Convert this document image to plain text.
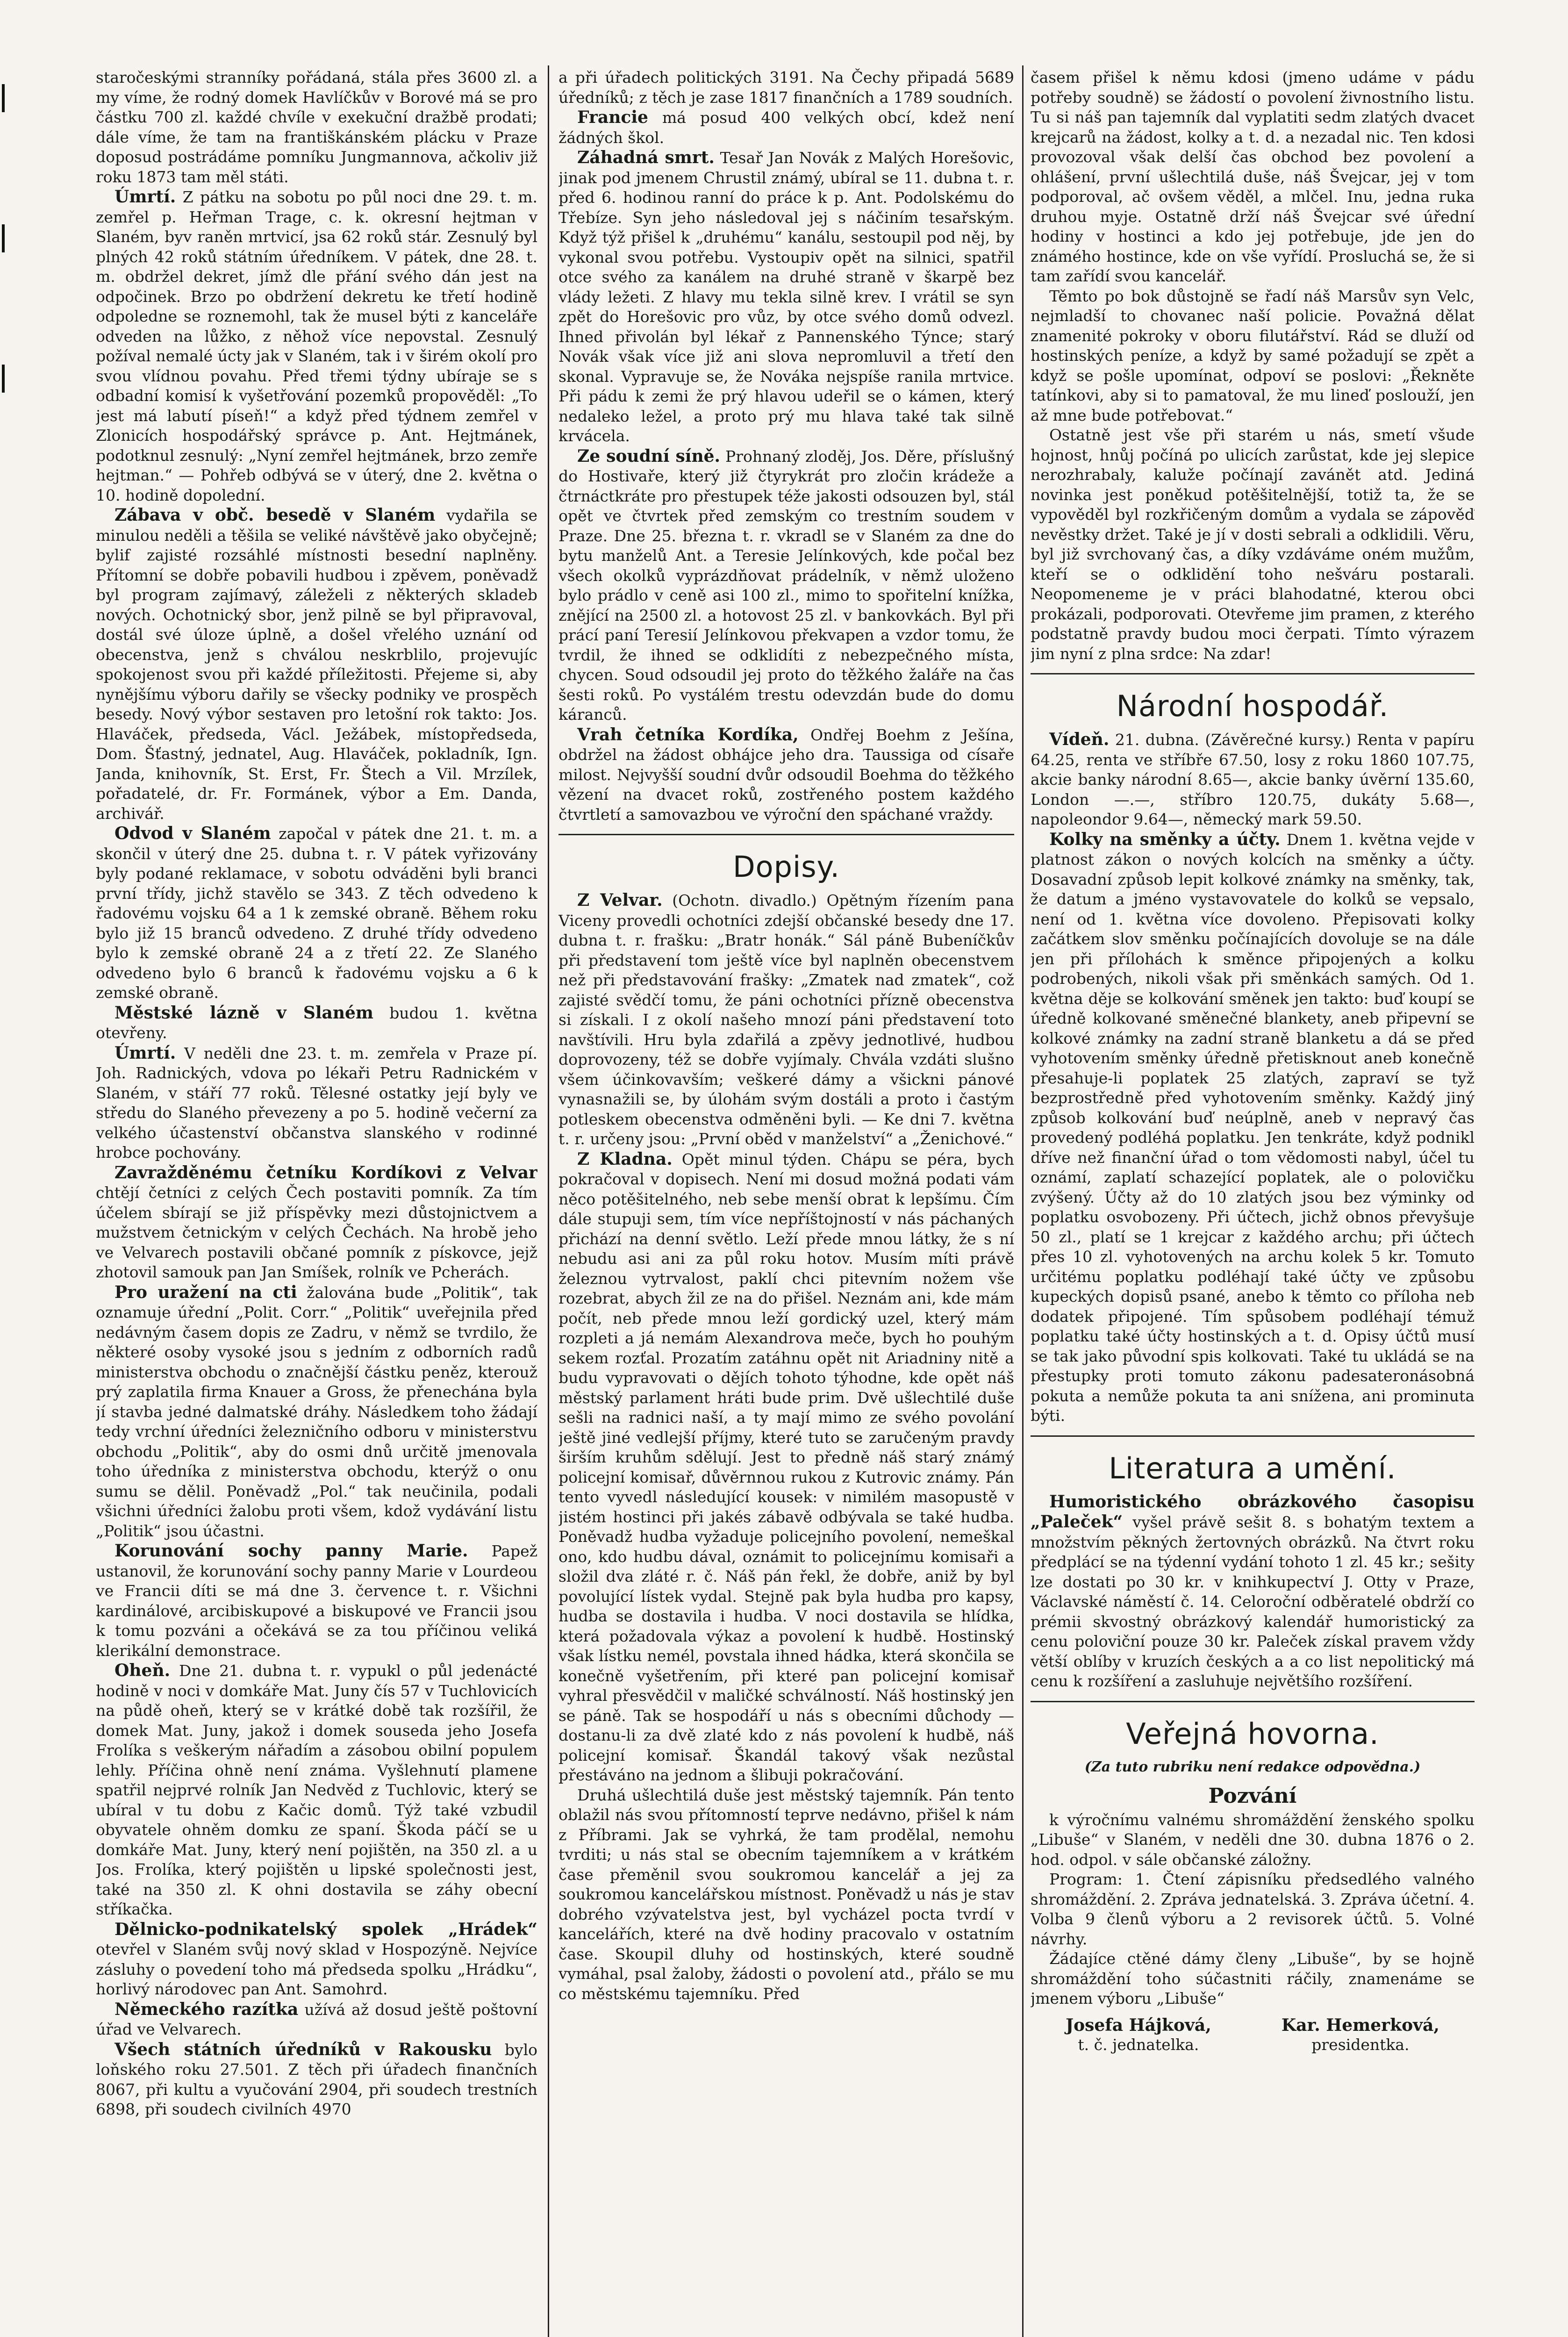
staročeskými stranníky pořádaná, stála přes 3600 zl. a my víme, že rodný domek Havlíčkův v Borové má se pro částku 700 zl. každé chvíle v exekuční dražbě prodati; dále víme, že tam na františkánském plácku v Praze doposud postrádáme pomníku Jungmannova, ačkoliv již roku 1873 tam měl státi.

Úmrtí. Z pátku na sobotu po půl noci dne 29. t. m. zemřel p. Heřman Trage, c. k. okresní hejtman v Slaném, byv raněn mrtvicí, jsa 62 roků stár. Zesnulý byl plných 42 roků státním úředníkem. V pátek, dne 28. t. m. obdržel dekret, jímž dle přání svého dán jest na odpočinek. Brzo po obdržení dekretu ke třetí hodině odpoledne se roznemohl, tak že musel býti z kanceláře odveden na lůžko, z něhož více nepovstal. Zesnulý požíval nemalé úcty jak v Slaném, tak i v širém okolí pro svou vlídnou povahu. Před třemi týdny ubíraje se s odbadní komisí k vyšetřování pozemků propověděl: „To jest má labutí píseň!“ a když před týdnem zemřel v Zlonicích hospodářský správce p. Ant. Hejtmánek, podotknul zesnulý: „Nyní zemřel hejtmánek, brzo zemře hejtman.“ — Pohřeb odbývá se v úterý, dne 2. května o 10. hodině dopolední.

Zábava v obč. besedě v Slaném vydařila se minulou neděli a těšila se veliké návštěvě jako obyčejně; bylif zajisté rozsáhlé místnosti besední naplněny. Přítomní se dobře pobavili hudbou i zpěvem, poněvadž byl program zajímavý, záleželi z některých skladeb nových. Ochotnický sbor, jenž pilně se byl připravoval, dostál své úloze úplně, a došel vřelého uznání od obecenstva, jenž s chválou neskrblilo, projevujíc spokojenost svou při každé příležitosti. Přejeme si, aby nynějšímu výboru dařily se všecky podniky ve prospěch besedy. Nový výbor sestaven pro letošní rok takto: Jos. Hlaváček, předseda, Václ. Ježábek, místopředseda, Dom. Šťastný, jednatel, Aug. Hlaváček, pokladník, Ign. Janda, knihovník, St. Erst, Fr. Štech a Vil. Mrzílek, pořadatelé, dr. Fr. Formánek, výbor a Em. Danda, archivář.

Odvod v Slaném započal v pátek dne 21. t. m. a skončil v úterý dne 25. dubna t. r. V pátek vyřizovány byly podané reklamace, v sobotu odváděni byli branci první třídy, jichž stavělo se 343. Z těch odvedeno k řadovému vojsku 64 a 1 k zemské obraně. Během roku bylo již 15 branců odvedeno. Z druhé třídy odvedeno bylo k zemské obraně 24 a z třetí 22. Ze Slaného odvedeno bylo 6 branců k řadovému vojsku a 6 k zemské obraně.

Městské lázně v Slaném budou 1. května otevřeny.

Úmrtí. V neděli dne 23. t. m. zemřela v Praze pí. Joh. Radnických, vdova po lékaři Petru Radnickém v Slaném, v stáří 77 roků. Tělesné ostatky její byly ve středu do Slaného převezeny a po 5. hodině večerní za velkého účastenství občanstva slanského v rodinné hrobce pochovány.

Zavražděnému četníku Kordíkovi z Velvar chtějí četníci z celých Čech postaviti pomník. Za tím účelem sbírají se již příspěvky mezi důstojnictvem a mužstvem četnickým v celých Čechách. Na hrobě jeho ve Velvarech postavili občané pomník z pískovce, jejž zhotovil samouk pan Jan Smíšek, rolník ve Pcherách.

Pro uražení na cti žalována bude „Politik“, tak oznamuje úřední „Polit. Corr.“ „Politik“ uveřejnila před nedávným časem dopis ze Zadru, v němž se tvrdilo, že některé osoby vysoké jsou s jedním z odborních radů ministerstva obchodu o značnější částku peněz, kterouž prý zaplatila firma Knauer a Gross, že přenechána byla jí stavba jedné dalmatské dráhy. Následkem toho žádají tedy vrchní úředníci železničního odboru v ministerstvu obchodu „Politik“, aby do osmi dnů určitě jmenovala toho úředníka z ministerstva obchodu, kterýž o onu sumu se dělil. Poněvadž „Pol.“ tak neučinila, podali všichni úředníci žalobu proti všem, kdož vydávání listu „Politik“ jsou účastni.

Korunování sochy panny Marie. Papež ustanovil, že korunování sochy panny Marie v Lourdeou ve Francii díti se má dne 3. července t. r. Všichni kardinálové, arcibiskupové a biskupové ve Francii jsou k tomu pozváni a očekává se za tou příčinou veliká klerikální demonstrace.

Oheň. Dne 21. dubna t. r. vypukl o půl jedenácté hodině v noci v domkáře Mat. Juny čís 57 v Tuchlovicích na půdě oheň, který se v krátké době tak rozšířil, že domek Mat. Juny, jakož i domek souseda jeho Josefa Frolíka s veškerým nářadím a zásobou obilní populem lehly. Příčina ohně není známa. Vyšlehnutí plamene spatřil nejprvé rolník Jan Nedvěd z Tuchlovic, který se ubíral v tu dobu z Kačic domů. Týž také vzbudil obyvatele ohněm domku ze spaní. Škoda páčí se u domkáře Mat. Juny, který není pojištěn, na 350 zl. a u Jos. Frolíka, který pojištěn u lipské společnosti jest, také na 350 zl. K ohni dostavila se záhy obecní stříkačka.

Dělnicko-podnikatelský spolek „Hrádek“ otevřel v Slaném svůj nový sklad v Hospozýně. Nejvíce zásluhy o povedení toho má předseda spolku „Hrádku“, horlivý národovec pan Ant. Samohrd.

Německého razítka užívá až dosud ještě poštovní úřad ve Velvarech.

Všech státních úředníků v Rakousku bylo loňského roku 27.501. Z těch při úřadech finančních 8067, při kultu a vyučování 2904, při soudech trestních 6898, při soudech civilních 4970

a při úřadech politických 3191. Na Čechy připadá 5689 úředníků; z těch je zase 1817 finančních a 1789 soudních.

Francie má posud 400 velkých obcí, kdež není žádných škol.

Záhadná smrt. Tesař Jan Novák z Malých Horešovic, jinak pod jmenem Chrustil známý, ubíral se 11. dubna t. r. před 6. hodinou ranní do práce k p. Ant. Podolskému do Třebíze. Syn jeho následoval jej s náčiním tesařským. Když týž přišel k „druhému“ kanálu, sestoupil pod něj, by vykonal svou potřebu. Vystoupiv opět na silnici, spatřil otce svého za kanálem na druhé straně v škarpě bez vlády ležeti. Z hlavy mu tekla silně krev. I vrátil se syn zpět do Horešovic pro vůz, by otce svého domů odvezl. Ihned přivolán byl lékař z Pannenského Týnce; starý Novák však více již ani slova nepromluvil a třetí den skonal. Vypravuje se, že Nováka nejspíše ranila mrtvice. Při pádu k zemi že prý hlavou udeřil se o kámen, který nedaleko ležel, a proto prý mu hlava také tak silně krvácela.

Ze soudní síně. Prohnaný zloděj, Jos. Děre, příslušný do Hostivaře, který již čtyrykrát pro zločin krádeže a čtrnáctkráte pro přestupek téže jakosti odsouzen byl, stál opět ve čtvrtek před zemským co trestním soudem v Praze. Dne 25. března t. r. vkradl se v Slaném za dne do bytu manželů Ant. a Teresie Jelínkových, kde počal bez všech okolků vyprázdňovat prádelník, v němž uloženo bylo prádlo v ceně asi 100 zl., mimo to spořitelní knížka, znějící na 2500 zl. a hotovost 25 zl. v bankovkách. Byl při prácí paní Teresií Jelínkovou překvapen a vzdor tomu, že tvrdil, že ihned se odklidíti z nebezpečného místa, chycen. Soud odsoudil jej proto do těžkého žaláře na čas šesti roků. Po vystálém trestu odevzdán bude do domu káranců.

Vrah četníka Kordíka, Ondřej Boehm z Ješína, obdržel na žádost obhájce jeho dra. Taussiga od císaře milost. Nejvyšší soudní dvůr odsoudil Boehma do těžkého vězení na dvacet roků, zostřeného postem každého čtvrtletí a samovazbou ve výroční den spáchané vraždy.

Dopisy.

Z Velvar. (Ochotn. divadlo.) Opětným řízením pana Viceny provedli ochotníci zdejší občanské besedy dne 17. dubna t. r. frašku: „Bratr honák.“ Sál páně Bubeníčkův při představení tom ještě více byl naplněn obecenstvem než při představování frašky: „Zmatek nad zmatek“, což zajisté svědčí tomu, že páni ochotníci přízně obecenstva si získali. I z okolí našeho mnozí páni představení toto navštívili. Hru byla zdařilá a zpěvy jednotlivé, hudbou doprovozeny, též se dobře vyjímaly. Chvála vzdáti slušno všem účinkovavším; veškeré dámy a všickni pánové vynasnažili se, by úlohám svým dostáli a proto i častým potleskem obecenstva odměněni byli. — Ke dni 7. května t. r. určeny jsou: „První oběd v manželství“ a „Ženichové.“

Z Kladna. Opět minul týden. Chápu se péra, bych pokračoval v dopisech. Není mi dosud možná podati vám něco potěšitelného, neb sebe menší obrat k lepšímu. Čím dále stupuji sem, tím více nepříštojností v nás páchaných přichází na denní světlo. Leží přede mnou látky, že s ní nebudu asi ani za půl roku hotov. Musím míti právě železnou vytrvalost, paklí chci pitevním nožem vše rozebrat, abych žil ze na do přišel. Neznám ani, kde mám počít, neb přede mnou leží gordický uzel, který mám rozpleti a já nemám Alexandrova meče, bych ho pouhým sekem rozťal. Prozatím zatáhnu opět nit Ariadniny nitě a budu vypravovati o dějích tohoto týhodne, kde opět náš městský parlament hráti bude prim. Dvě ušlechtilé duše sešli na radnici naší, a ty mají mimo ze svého povolání ještě jiné vedlejší příjmy, které tuto se zaručeným pravdy širším kruhům sdělují. Jest to předně náš starý známý policejní komisař, důvěrnnou rukou z Kutrovic známy. Pán tento vyvedl následující kousek: v nimilém masopustě v jistém hostinci při jakés zábavě odbývala se také hudba. Poněvadž hudba vyžaduje policejního povolení, nemeškal ono, kdo hudbu dával, oznámit to policejnímu komisaři a složil dva zláté r. č. Náš pán řekl, že dobře, aniž by byl povolující lístek vydal. Stejně pak byla hudba pro kapsy, hudba se dostavila i hudba. V noci dostavila se hlídka, která požadovala výkaz a povolení k hudbě. Hostinský však lístku nemél, povstala ihned hádka, která skončila se konečně vyšetřením, při které pan policejní komisař vyhral přesvědčil v maličké schválností. Náš hostinský jen se páně. Tak se hospodáří u nás s obecními důchody — dostanu-li za dvě zlaté kdo z nás povolení k hudbě, náš policejní komisař. Škandál takový však nezůstal přestáváno na jednom a šlibuji pokračování.

Druhá ušlechtilá duše jest městský tajemník. Pán tento oblažil nás svou přítomností teprve nedávno, přišel k nám z Příbrami. Jak se vyhrká, že tam prodělal, nemohu tvrditi; u nás stal se obecním tajemníkem a v krátkém čase přeměnil svou soukromou kancelář a jej za soukromou kancelářskou místnost. Poněvadž u nás je stav dobrého vzývatelstva jest, byl vycházel pocta tvrdí v kancelářích, které na dvě hodiny pracovalo v ostatním čase. Skoupil dluhy od hostinských, které soudně vymáhal, psal žaloby, žádosti o povolení atd., přálo se mu co městskému tajemníku. Před

časem přišel k němu kdosi (jmeno udáme v pádu potřeby soudně) se žádostí o povolení živnostního listu. Tu si náš pan tajemník dal vyplatiti sedm zlatých dvacet krejcarů na žádost, kolky a t. d. a nezadal nic. Ten kdosi provozoval však delší čas obchod bez povolení a ohlášení, první ušlechtilá duše, náš Švejcar, jej v tom podporoval, ač ovšem věděl, a mlčel. Inu, jedna ruka druhou myje. Ostatně drží náš Švejcar své úřední hodiny v hostinci a kdo jej potřebuje, jde jen do známého hostince, kde on vše vyřídí. Prosluchá se, že si tam zařídí svou kancelář.

Těmto po bok důstojně se řadí náš Marsův syn Velc, nejmladší to chovanec naší policie. Považná dělat znamenité pokroky v oboru filutářství. Rád se dluží od hostinských peníze, a když by samé požadují se zpět a když se pošle upomínat, odpoví se poslovi: „Řekněte tatínkovi, aby si to pamatoval, že mu lineď poslouží, jen až mne bude potřebovat.“

Ostatně jest vše při starém u nás, smetí všude hojnost, hnůj počíná po ulicích zarůstat, kde jej slepice nerozhrabaly, kaluže počínají zavánět atd. Jediná novinka jest poněkud potěšitelnější, totiž ta, že se vypověděl byl rozkřičeným domům a vydala se zápověď nevěstky držet. Také je jí v dosti sebrali a odklidili. Věru, byl již svrchovaný čas, a díky vzdáváme oném mužům, kteří se o odklidění toho nešváru postarali. Neopomeneme je v práci blahodatné, kterou obci prokázali, podporovati. Otevřeme jim pramen, z kterého podstatně pravdy budou moci čerpati. Tímto výrazem jim nyní z plna srdce: Na zdar!

Národní hospodář.

Vídeň. 21. dubna. (Závěrečné kursy.) Renta v papíru 64.25, renta ve stříbře 67.50, losy z roku 1860 107.75, akcie banky národní 8.65—, akcie banky úvěrní 135.60, London —.—, stříbro 120.75, dukáty 5.68—, napoleondor 9.64—, německý mark 59.50.

Kolky na směnky a účty. Dnem 1. května vejde v platnost zákon o nových kolcích na směnky a účty. Dosavadní způsob lepit kolkové známky na směnky, tak, že datum a jméno vystavovatele do kolků se vepsalo, není od 1. května více dovoleno. Přepisovati kolky začátkem slov směnku počínajících dovoluje se na dále jen při přílohách k směnce připojených a kolku podrobených, nikoli však při směnkách samých. Od 1. května děje se kolkování směnek jen takto: buď koupí se úředně kolkované směnečné blankety, aneb připevní se kolkové známky na zadní straně blanketu a dá se před vyhotovením směnky úředně přetisknout aneb konečně přesahuje-li poplatek 25 zlatých, zapraví se tyž bezprostředně před vyhotovením směnky. Každý jiný způsob kolkování buď neúplně, aneb v nepravý čas provedený podléhá poplatku. Jen tenkráte, když podnikl dříve než finanční úřad o tom vědomosti nabyl, účel tu oznámí, zaplatí schazející poplatek, ale o polovičku zvýšený. Účty až do 10 zlatých jsou bez výminky od poplatku osvobozeny. Při účtech, jichž obnos převyšuje 50 zl., platí se 1 krejcar z každého archu; při účtech přes 10 zl. vyhotovených na archu kolek 5 kr. Tomuto určitému poplatku podléhají také účty ve způsobu kupeckých dopisů psané, anebo k těmto co příloha neb dodatek připojené. Tím spůsobem podléhají témuž poplatku také účty hostinských a t. d. Opisy účtů musí se tak jako původní spis kolkovati. Také tu ukládá se na přestupky proti tomuto zákonu padesateronásobná pokuta a nemůže pokuta ta ani snížena, ani prominuta býti.

Literatura a umění.

Humoristického obrázkového časopisu „Paleček“ vyšel právě sešit 8. s bohatým textem a množstvím pěkných žertovných obrázků. Na čtvrt roku předplácí se na týdenní vydání tohoto 1 zl. 45 kr.; sešity lze dostati po 30 kr. v knihkupectví J. Otty v Praze, Václavské náměstí č. 14. Celoroční odběratelé obdrží co prémii skvostný obrázkový kalendář humoristický za cenu poloviční pouze 30 kr. Paleček získal pravem vždy větší oblíby v kruzích českých a a co list nepolitický má cenu k rozšíření a zasluhuje největšího rozšíření.

Veřejná hovorna.
(Za tuto rubriku není redakce odpovědna.)
Pozvání

k výročnímu valnému shromáždění ženského spolku „Libuše“ v Slaném, v neděli dne 30. dubna 1876 o 2. hod. odpol. v sále občanské záložny.

Program: 1. Čtení zápisníku předsedlého valného shromáždění. 2. Zpráva jednatelská. 3. Zpráva účetní. 4. Volba 9 členů výboru a 2 revisorek účtů. 5. Volné návrhy.

Žádajíce ctěné dámy členy „Libuše“, by se hojně shromáždění toho súčastniti ráčily, znamenáme se jmenem výboru „Libuše“

Josefa Hájková,
t. č. jednatelka.
Kar. Hemerková,
presidentka.
